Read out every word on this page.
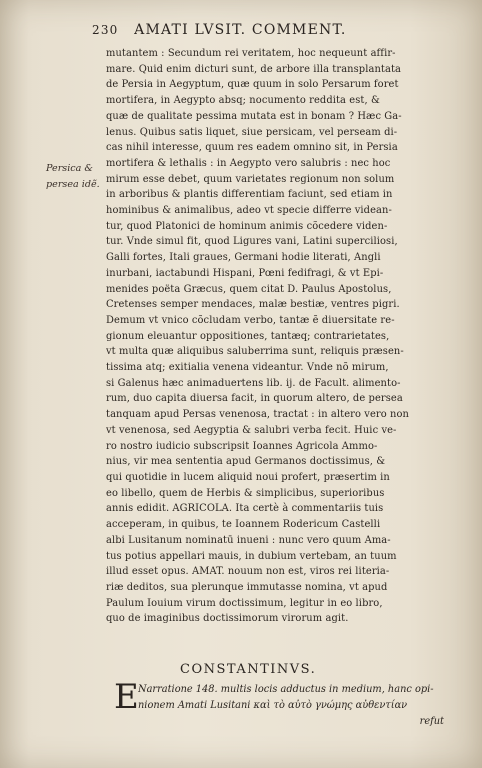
230 AMATI LVSIT. COMMENT.
Persica &
persea idẽ.
mutantem : Secundum rei veritatem, hoc nequeunt affir-
mare. Quid enim dicturi sunt, de arbore illa transplantata
de Persia in Aegyptum, quæ quum in solo Persarum foret
mortifera, in Aegypto absq; nocumento reddita est, &
quæ de qualitate pessima mutata est in bonam ? Hæc Ga-
lenus. Quibus satis liquet, siue persicam, vel perseam di-
cas nihil interesse, quum res eadem omnino sit, in Persia
mortifera & lethalis : in Aegypto vero salubris : nec hoc
mirum esse debet, quum varietates regionum non solum
in arboribus & plantis differentiam faciunt, sed etiam in
hominibus & animalibus, adeo vt specie differre videan-
tur, quod Platonici de hominum animis cõcedere viden-
tur. Vnde simul fit, quod Ligures vani, Latini superciliosi,
Galli fortes, Itali graues, Germani hodie literati, Angli
inurbani, iactabundi Hispani, Pœni fedifragi, & vt Epi-
menides poëta Græcus, quem citat D. Paulus Apostolus,
Cretenses semper mendaces, malæ bestiæ, ventres pigri.
Demum vt vnico cõcludam verbo, tantæ ẽ diuersitate re-
gionum eleuantur oppositiones, tantæq; contrarietates,
vt multa quæ aliquibus saluberrima sunt, reliquis præsen-
tissima atq; exitialia venena videantur. Vnde nõ mirum,
si Galenus hæc animaduertens lib. ij. de Facult. alimento-
rum, duo capita diuersa facit, in quorum altero, de persea
tanquam apud Persas venenosa, tractat : in altero vero non
vt venenosa, sed Aegyptia & salubri verba fecit. Huic ve-
ro nostro iudicio subscripsit Ioannes Agricola Ammo-
nius, vir mea sententia apud Germanos doctissimus, &
qui quotidie in lucem aliquid noui profert, præsertim in
eo libello, quem de Herbis & simplicibus, superioribus
annis edidit. AGRICOLA. Ita certè à commentariis tuis
acceperam, in quibus, te Ioannem Rodericum Castelli
albi Lusitanum nominatū inueni : nunc vero quum Ama-
tus potius appellari mauis, in dubium vertebam, an tuum
illud esset opus. AMAT. nouum non est, viros rei literia-
riæ deditos, sua plerunque immutasse nomina, vt apud
Paulum Iouium virum doctissimum, legitur in eo libro,
quo de imaginibus doctissimorum virorum agit.
CONSTANTINVS.
E Narratione 148. multis locis adductus in medium, hanc opi-
nionem Amati Lusitani καὶ τὸ αὐτὸ γνώμης αὐθεντίαν
refut
